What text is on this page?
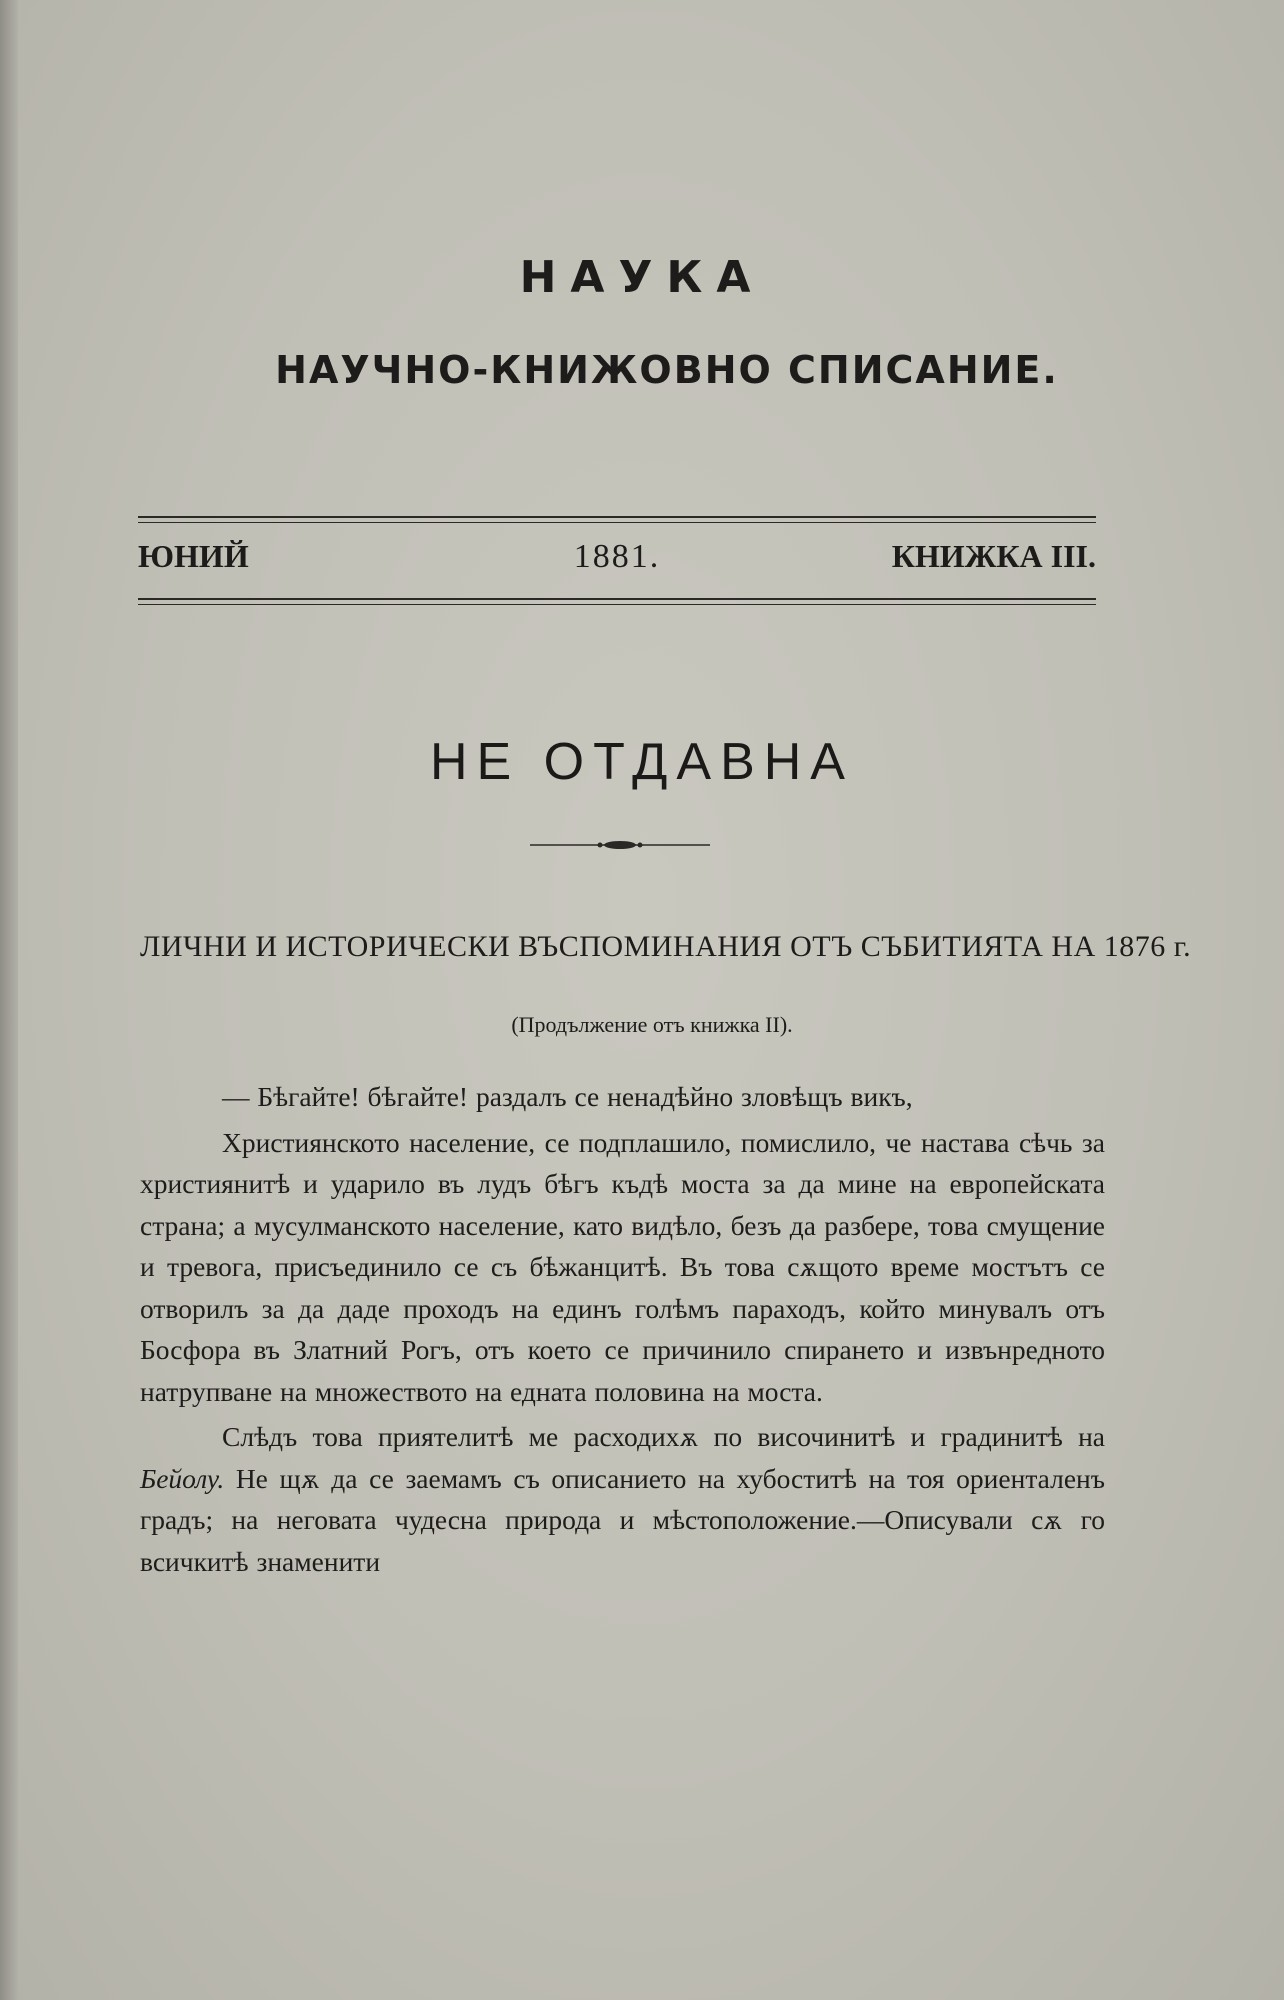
НАУКА
НАУЧНО-КНИЖОВНО СПИСАНИЕ.
ЮНИЙ	1881.	КНИЖКА III.
НЕ ОТДАВНА
ЛИЧНИ И ИСТОРИЧЕСКИ ВЪСПОМИНАНИЯ ОТЪ СЪБИТИЯТА НА 1876 г.
(Продължение отъ книжка II).

— Бѣгайте! бѣгайте! раздалъ се ненадѣйно зловѣщъ викъ,

Християнското население, се подплашило, помислило, че настава сѣчь за християнитѣ и ударило въ лудъ бѣгъ къдѣ моста за да мине на европейската страна; а мусулманското население, като видѣло, безъ да разбере, това смущение и тревога, присъединило се съ бѣжанцитѣ. Въ това сѫщото време мостътъ се отворилъ за да даде проходъ на единъ голѣмъ параходъ, който минувалъ отъ Босфора въ Златний Рогъ, отъ което се причинило спирането и извънредното натрупване на множеството на едната половина на моста.

Слѣдъ това приятелитѣ ме расходихѫ по височинитѣ и градинитѣ на Бейолу. Не щѫ да се заемамъ съ описанието на хубоститѣ на тоя ориенталенъ градъ; на неговата чудесна природа и мѣстоположение.—Описували сѫ го всичкитѣ знаменити
